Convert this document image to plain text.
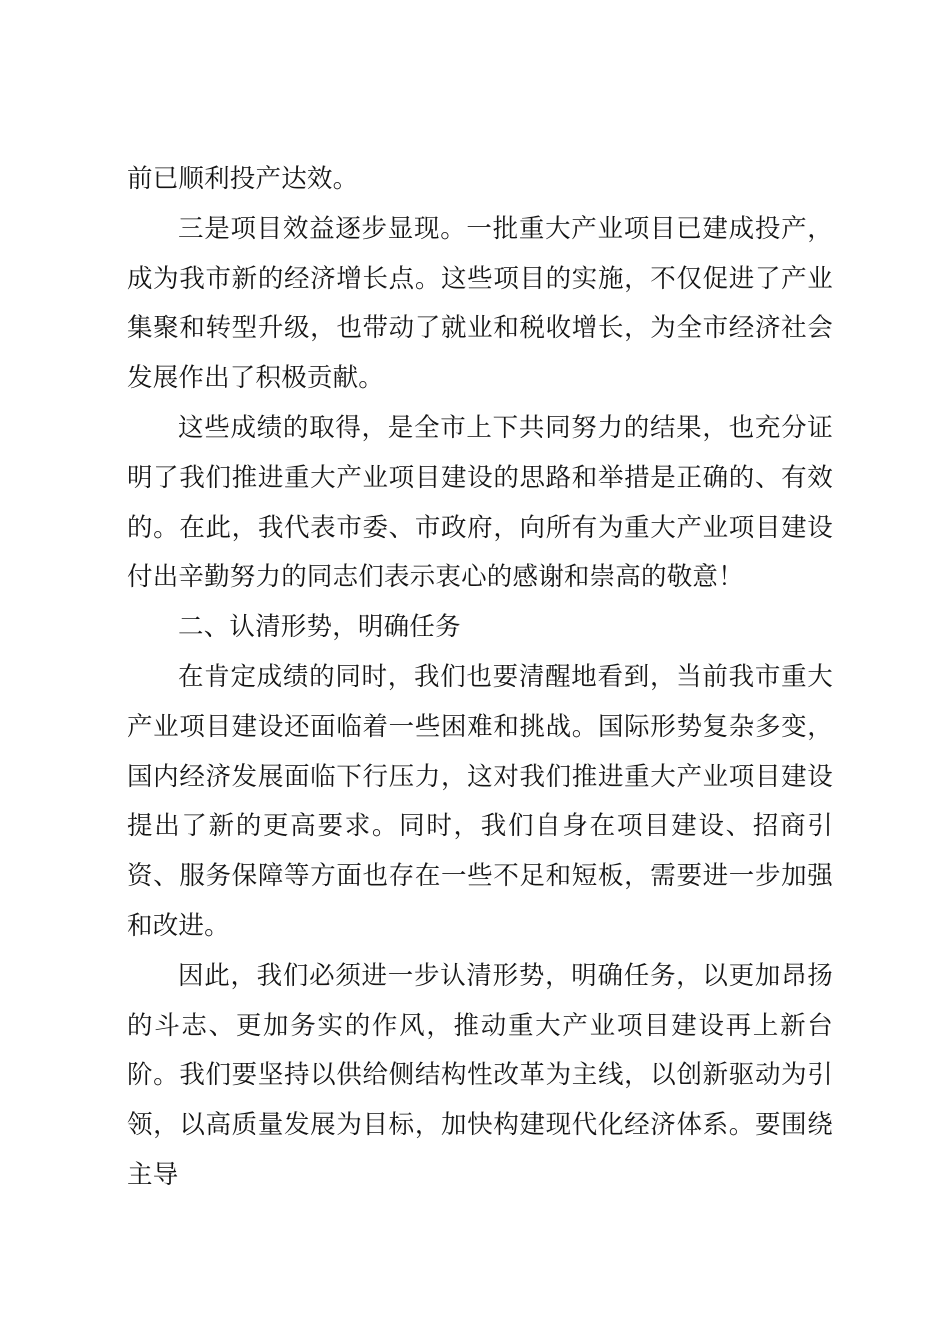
前已顺利投产达效。

三是项目效益逐步显现。一批重大产业项目已建成投产，成为我市新的经济增长点。这些项目的实施，不仅促进了产业集聚和转型升级，也带动了就业和税收增长，为全市经济社会发展作出了积极贡献。

这些成绩的取得，是全市上下共同努力的结果，也充分证明了我们推进重大产业项目建设的思路和举措是正确的、有效的。在此，我代表市委、市政府，向所有为重大产业项目建设付出辛勤努力的同志们表示衷心的感谢和崇高的敬意！

二、认清形势，明确任务

在肯定成绩的同时，我们也要清醒地看到，当前我市重大产业项目建设还面临着一些困难和挑战。国际形势复杂多变，国内经济发展面临下行压力，这对我们推进重大产业项目建设提出了新的更高要求。同时，我们自身在项目建设、招商引资、服务保障等方面也存在一些不足和短板，需要进一步加强和改进。

因此，我们必须进一步认清形势，明确任务，以更加昂扬的斗志、更加务实的作风，推动重大产业项目建设再上新台阶。我们要坚持以供给侧结构性改革为主线，以创新驱动为引领，以高质量发展为目标，加快构建现代化经济体系。要围绕主导
